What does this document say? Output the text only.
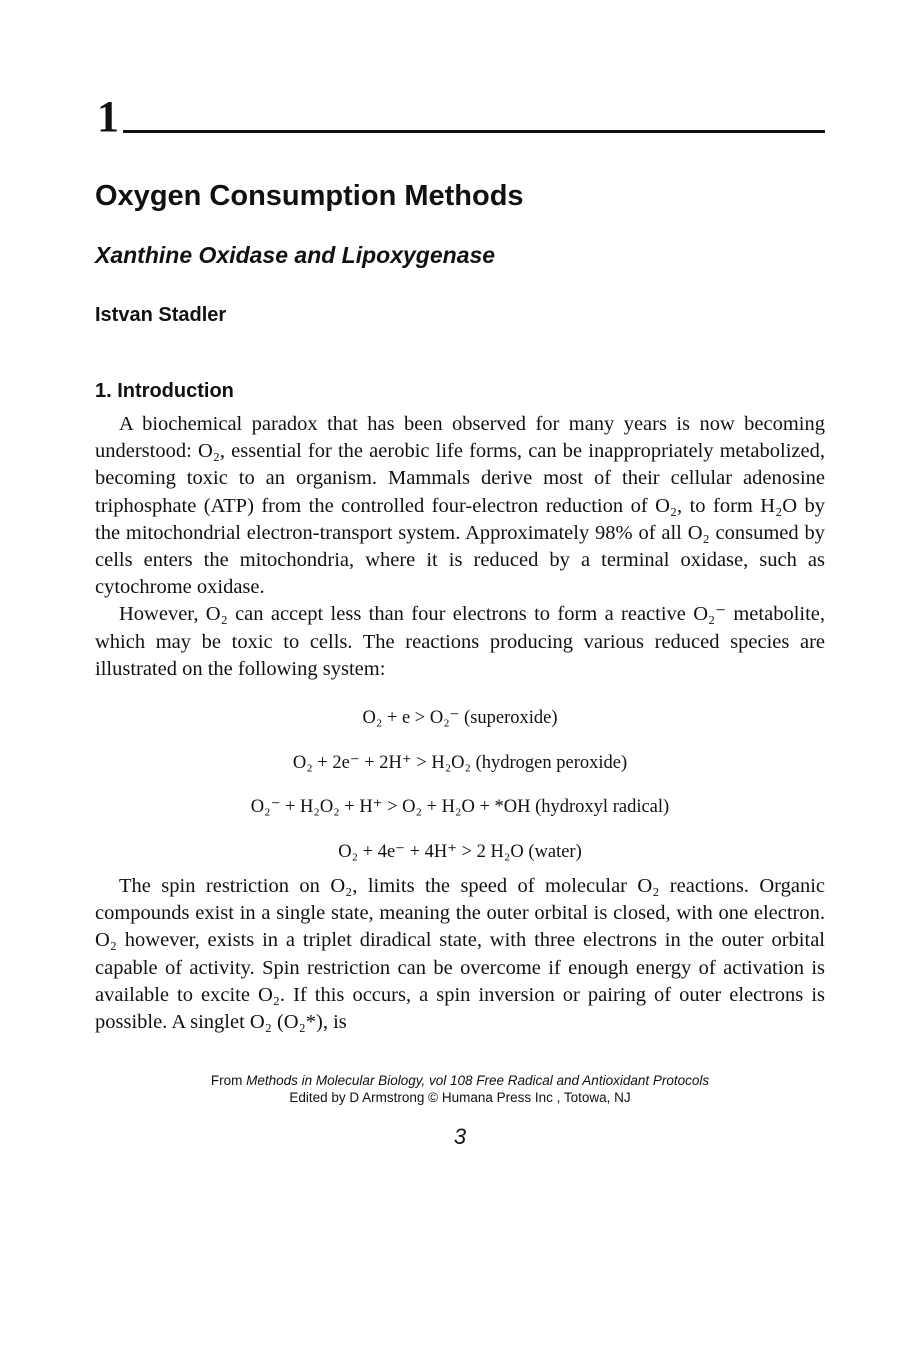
1
Oxygen Consumption Methods
Xanthine Oxidase and Lipoxygenase
Istvan Stadler
1. Introduction

A biochemical paradox that has been observed for many years is now becoming understood: O₂, essential for the aerobic life forms, can be inappropriately metabolized, becoming toxic to an organism. Mammals derive most of their cellular adenosine triphosphate (ATP) from the controlled four-electron reduction of O₂, to form H₂O by the mitochondrial electron-transport system. Approximately 98% of all O₂ consumed by cells enters the mitochondria, where it is reduced by a terminal oxidase, such as cytochrome oxidase.

However, O₂ can accept less than four electrons to form a reactive O₂⁻ metabolite, which may be toxic to cells. The reactions producing various reduced species are illustrated on the following system:

O₂ + e > O₂⁻ (superoxide)
O₂ + 2e⁻ + 2H⁺ > H₂O₂ (hydrogen peroxide)
O₂⁻ + H₂O₂ + H⁺ > O₂ + H₂O + *OH (hydroxyl radical)
O₂ + 4e⁻ + 4H⁺ > 2 H₂O (water)

The spin restriction on O₂, limits the speed of molecular O₂ reactions. Organic compounds exist in a single state, meaning the outer orbital is closed, with one electron. O₂ however, exists in a triplet diradical state, with three electrons in the outer orbital capable of activity. Spin restriction can be overcome if enough energy of activation is available to excite O₂. If this occurs, a spin inversion or pairing of outer electrons is possible. A singlet O₂ (O₂*), is

From Methods in Molecular Biology, vol 108 Free Radical and Antioxidant Protocols
Edited by D Armstrong © Humana Press Inc , Totowa, NJ
3
